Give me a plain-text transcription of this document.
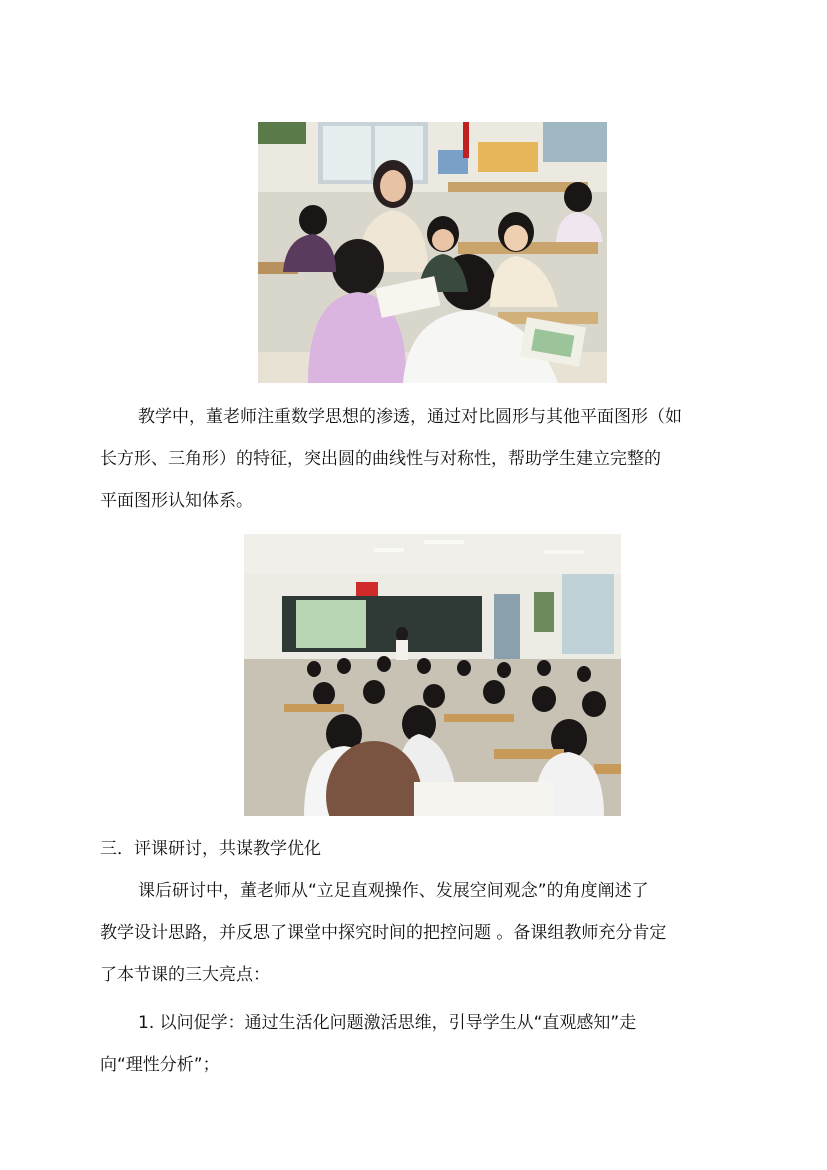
教学中，董老师注重数学思想的渗透，通过对比圆形与其他平面图形（如
长方形、三角形）的特征，突出圆的曲线性与对称性，帮助学生建立完整的
平面图形认知体系。

三．评课研讨，共谋教学优化

课后研讨中，董老师从“立足直观操作、发展空间观念”的角度阐述了
教学设计思路，并反思了课堂中探究时间的把控问题 。备课组教师充分肯定
了本节课的三大亮点：

1. 以问促学：通过生活化问题激活思维，引导学生从“直观感知”走
向“理性分析”；
